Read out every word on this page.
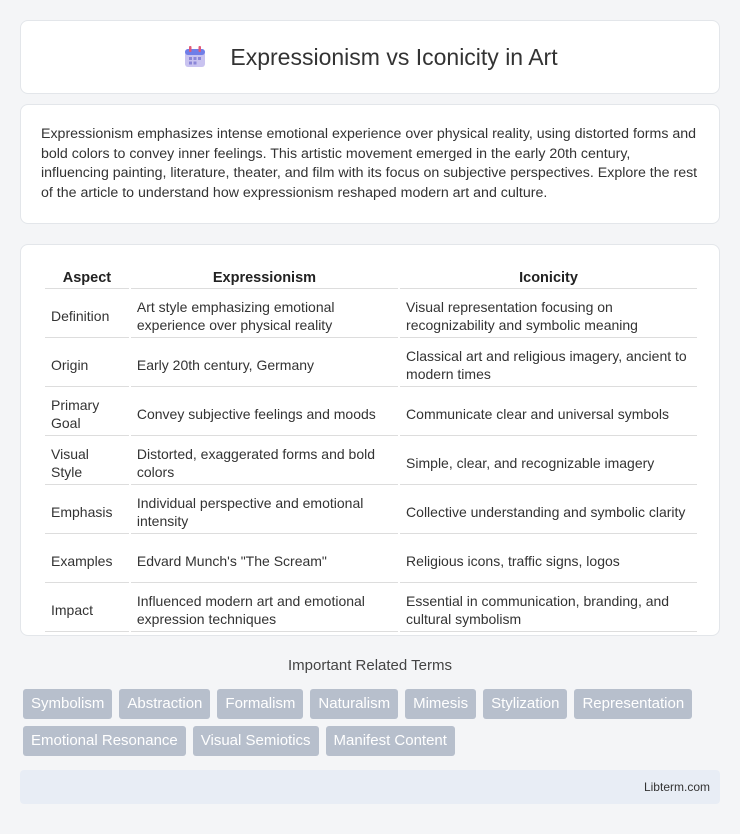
Expressionism vs Iconicity in Art

Expressionism emphasizes intense emotional experience over physical reality, using distorted forms and bold colors to convey inner feelings. This artistic movement emerged in the early 20th century, influencing painting, literature, theater, and film with its focus on subjective perspectives. Explore the rest of the article to understand how expressionism reshaped modern art and culture.

Aspect	Expressionism	Iconicity
Definition	Art style emphasizing emotional experience over physical reality	Visual representation focusing on recognizability and symbolic meaning
Origin	Early 20th century, Germany	Classical art and religious imagery, ancient to modern times
Primary Goal	Convey subjective feelings and moods	Communicate clear and universal symbols
Visual Style	Distorted, exaggerated forms and bold colors	Simple, clear, and recognizable imagery
Emphasis	Individual perspective and emotional intensity	Collective understanding and symbolic clarity
Examples	Edvard Munch's "The Scream"	Religious icons, traffic signs, logos
Impact	Influenced modern art and emotional expression techniques	Essential in communication, branding, and cultural symbolism
Important Related Terms
Symbolism	Abstraction	Formalism	Naturalism	Mimesis	Stylization	Representation
Emotional Resonance	Visual Semiotics	Manifest Content
Libterm.com
